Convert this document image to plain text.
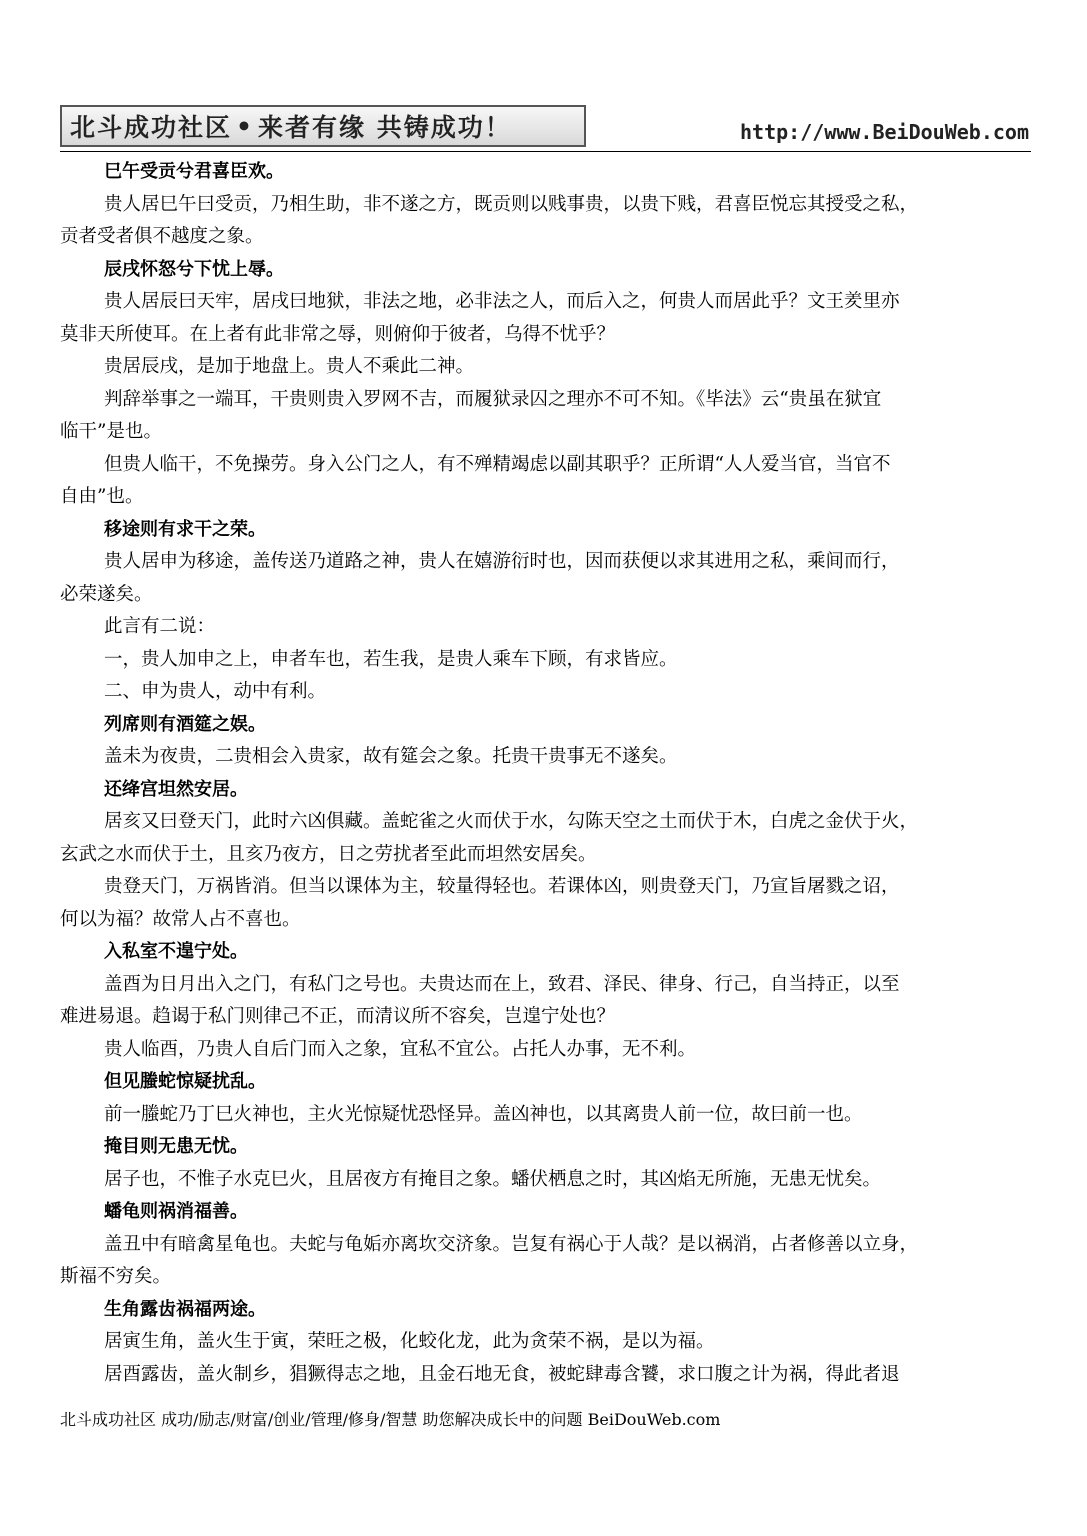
北斗成功社区 • 来者有缘 共铸成功！	http://www.BeiDouWeb.com
巳午受贡兮君喜臣欢。
贵人居巳午曰受贡，乃相生助，非不遂之方，既贡则以贱事贵，以贵下贱，君喜臣悦忘其授受之私，
贡者受者俱不越度之象。
辰戌怀怒兮下忧上辱。
贵人居辰曰天牢，居戌曰地狱，非法之地，必非法之人，而后入之，何贵人而居此乎？文王羑里亦
莫非天所使耳。在上者有此非常之辱，则俯仰于彼者，乌得不忧乎？
贵居辰戌，是加于地盘上。贵人不乘此二神。
判辞举事之一端耳，干贵则贵入罗网不吉，而履狱录囚之理亦不可不知。《毕法》云“贵虽在狱宜
临干”是也。
但贵人临干，不免操劳。身入公门之人，有不殚精竭虑以副其职乎？正所谓“人人爱当官，当官不
自由”也。
移途则有求干之荣。
贵人居申为移途，盖传送乃道路之神，贵人在嬉游衍时也，因而获便以求其进用之私，乘间而行，
必荣遂矣。
此言有二说：
一，贵人加申之上，申者车也，若生我，是贵人乘车下顾，有求皆应。
二、申为贵人，动中有利。
列席则有酒筵之娱。
盖未为夜贵，二贵相会入贵家，故有筵会之象。托贵干贵事无不遂矣。
还绛宫坦然安居。
居亥又曰登天门，此时六凶俱藏。盖蛇雀之火而伏于水，勾陈天空之土而伏于木，白虎之金伏于火，
玄武之水而伏于土，且亥乃夜方，日之劳扰者至此而坦然安居矣。
贵登天门，万祸皆消。但当以课体为主，较量得轻也。若课体凶，则贵登天门，乃宣旨屠戮之诏，
何以为福？故常人占不喜也。
入私室不遑宁处。
盖酉为日月出入之门，有私门之号也。夫贵达而在上，致君、泽民、律身、行己，自当持正，以至
难进易退。趋谒于私门则律己不正，而清议所不容矣，岂遑宁处也？
贵人临酉，乃贵人自后门而入之象，宜私不宜公。占托人办事，无不利。
但见螣蛇惊疑扰乱。
前一螣蛇乃丁巳火神也，主火光惊疑忧恐怪异。盖凶神也，以其离贵人前一位，故曰前一也。
掩目则无患无忧。
居子也，不惟子水克巳火，且居夜方有掩目之象。蟠伏栖息之时，其凶焰无所施，无患无忧矣。
蟠龟则祸消福善。
盖丑中有暗禽星龟也。夫蛇与龟姤亦离坎交济象。岂复有祸心于人哉？是以祸消，占者修善以立身，
斯福不穷矣。
生角露齿祸福两途。
居寅生角，盖火生于寅，荣旺之极，化蛟化龙，此为贪荣不祸，是以为福。
居酉露齿，盖火制乡，猖獗得志之地，且金石地无食，被蛇肆毒含饕，求口腹之计为祸，得此者退
北斗成功社区 成功/励志/财富/创业/管理/修身/智慧 助您解决成长中的问题 BeiDouWeb.com
